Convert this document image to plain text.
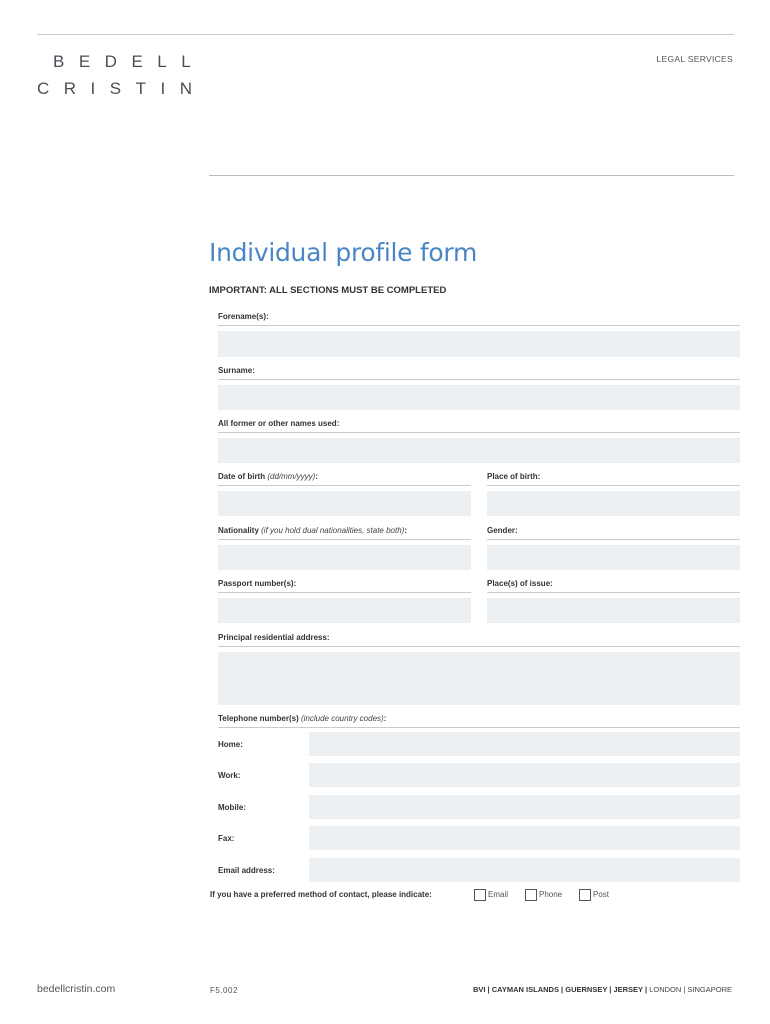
BEDELL
CRISTIN
LEGAL SERVICES
Individual profile form
IMPORTANT: ALL SECTIONS MUST BE COMPLETED
Forename(s):
Surname:
All former or other names used:
Date of birth (dd/mm/yyyy):	Place of birth:
Nationality (if you hold dual nationalities, state both):	Gender:
Passport number(s):	Place(s) of issue:
Principal residential address:
Telephone number(s) (include country codes):
Home:
Work:
Mobile:
Fax:
Email address:
If you have a preferred method of contact, please indicate:	Email	Phone	Post
bedellcristin.com	F5.002	BVI | CAYMAN ISLANDS | GUERNSEY | JERSEY | LONDON | SINGAPORE
